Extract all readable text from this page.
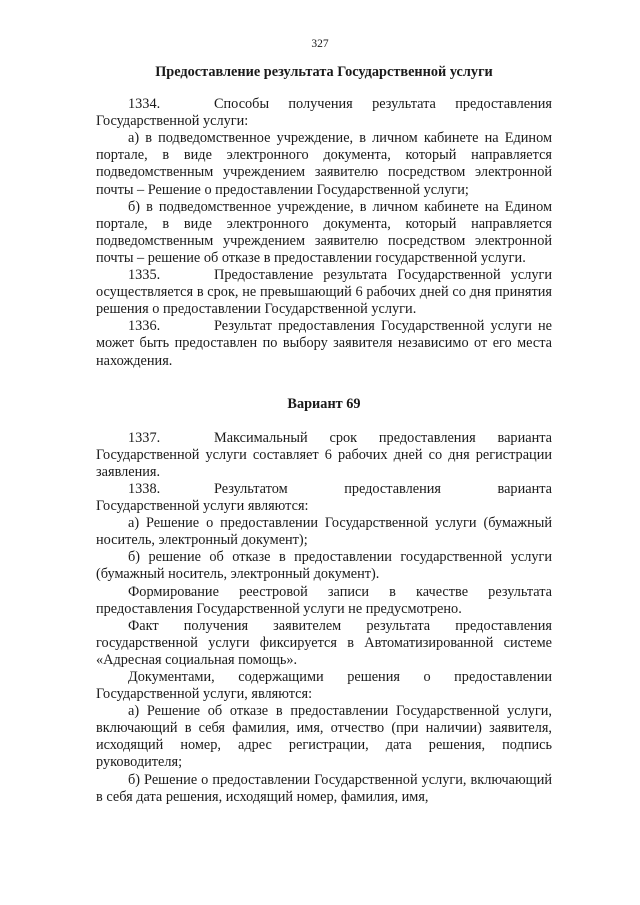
327

Предоставление результата Государственной услуги

1334.	Способы получения результата предоставления Государственной услуги:

а) в подведомственное учреждение, в личном кабинете на Едином портале, в виде электронного документа, который направляется подведомственным учреждением заявителю посредством электронной почты – Решение о предоставлении Государственной услуги;

б) в подведомственное учреждение, в личном кабинете на Едином портале, в виде электронного документа, который направляется подведомственным учреждением заявителю посредством электронной почты – решение об отказе в предоставлении государственной услуги.

1335.	Предоставление результата Государственной услуги осуществляется в срок, не превышающий 6 рабочих дней со дня принятия решения о предоставлении Государственной услуги.

1336.	Результат предоставления Государственной услуги не может быть предоставлен по выбору заявителя независимо от его места нахождения.

Вариант 69

1337.	Максимальный срок предоставления варианта Государственной услуги составляет 6 рабочих дней со дня регистрации заявления.

1338.	Результатом предоставления варианта Государственной услуги являются:

а) Решение о предоставлении Государственной услуги (бумажный носитель, электронный документ);

б) решение об отказе в предоставлении государственной услуги (бумажный носитель, электронный документ).

Формирование реестровой записи в качестве результата предоставления Государственной услуги не предусмотрено.

Факт получения заявителем результата предоставления государственной услуги фиксируется в Автоматизированной системе «Адресная социальная помощь».

Документами, содержащими решения о предоставлении Государственной услуги, являются:

а) Решение об отказе в предоставлении Государственной услуги, включающий в себя фамилия, имя, отчество (при наличии) заявителя, исходящий номер, адрес регистрации, дата решения, подпись руководителя;

б) Решение о предоставлении Государственной услуги, включающий в себя дата решения, исходящий номер, фамилия, имя,
